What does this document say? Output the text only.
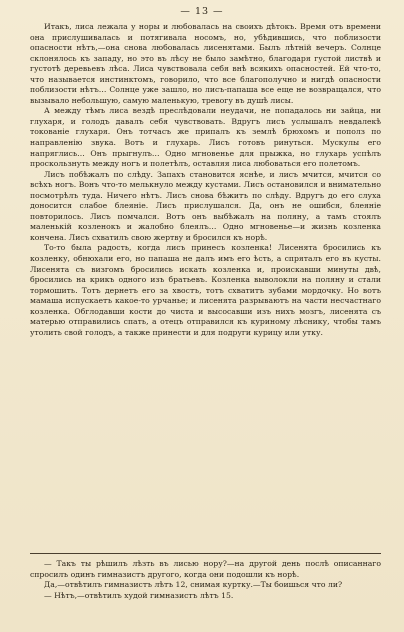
— 13 —

Итакъ, лиса лежала у норы и любовалась на своихъ дѣтокъ. Время отъ времени она прислушивалась и потягивала носомъ, но, убѣдившись, что поблизости опасности нѣтъ,—она снова любовалась лисенятами. Былъ лѣтній вечеръ. Солнце склонялось къ западу, но это въ лѣсу не было замѣтно, благодаря густой листвѣ и густотѣ деревьевъ лѣса. Лиса чувствовала себя внѣ всякихъ опасностей. Ей что-то, что называется инстинктомъ, говорило, что все благополучно и нигдѣ опасности поблизости нѣтъ… Солнце уже зашло, но лисъ-папаша все еще не возвращался, что вызывало небольшую, самую маленькую, тревогу въ душѣ лисы.

А между тѣмъ лиса вездѣ преслѣдовали неудачи, не попадалось ни зайца, ни глухаря, и голодъ давалъ себя чувствовать. Вдругъ лисъ услышалъ невдалекѣ токованіе глухаря. Онъ тотчасъ же припалъ къ землѣ брюхомъ и пополз по направленію звука. Вотъ и глухарь. Лисъ готовъ ринуться. Мускулы его напряглись… Онъ прыгнулъ… Одно мгновенье для прыжка, но глухарь успѣлъ проскользнуть между ногъ и полетѣлъ, оставляя лиса любоваться его полетомъ.

Лисъ побѣжалъ по слѣду. Запахъ становится яснѣе, и лисъ мчится, мчится со всѣхъ ногъ. Вонъ что-то мелькнуло между кустами. Лисъ остановился и внимательно посмотрѣлъ туда. Ничего нѣтъ. Лисъ снова бѣжитъ по слѣду. Вдругъ до его слуха доносится слабое блеяніе. Лисъ прислушался. Да, онъ не ошибся, блеяніе повторилось. Лисъ помчался. Вотъ онъ выбѣжалъ на поляну, а тамъ стоялъ маленькій козленокъ и жалобно блеялъ… Одно мгновенье—и жизнь козленка кончена. Лисъ схватилъ свою жертву и бросился къ норѣ.

То-то была радость, когда лисъ принесъ козленка! Лисенята бросились къ козленку, обнюхали его, но папаша не далъ имъ его ѣсть, а спряталъ его въ кусты. Лисенята съ визгомъ бросились искать козленка и, проискавши минуты двѣ, бросились на крикъ одного изъ братьевъ. Козленка выволокли на поляну и стали тормошить. Тотъ дернетъ его за хвостъ, тотъ схватитъ зубами мордочку. Но вотъ мамаша испускаетъ какое-то урчанье; и лисенята разрываютъ на части несчастнаго козленка. Обглодавши кости до чиста и высосавши изъ нихъ мозгъ, лисенята съ матерью отправились спать, а отецъ отправился къ куриному лѣснику, чтобы тамъ утолить свой голодъ, а также принести и для подруги курицу или утку.

— Такъ ты рѣшилъ лѣзть въ лисью нору?—на другой день послѣ описаннаго спросилъ одинъ гимназистъ другого, когда они подошли къ норѣ.

Да,—отвѣтилъ гимназистъ лѣтъ 12, снимая куртку.—Ты боишься что ли?

— Нѣтъ,—отвѣтилъ худой гимназистъ лѣтъ 15.
